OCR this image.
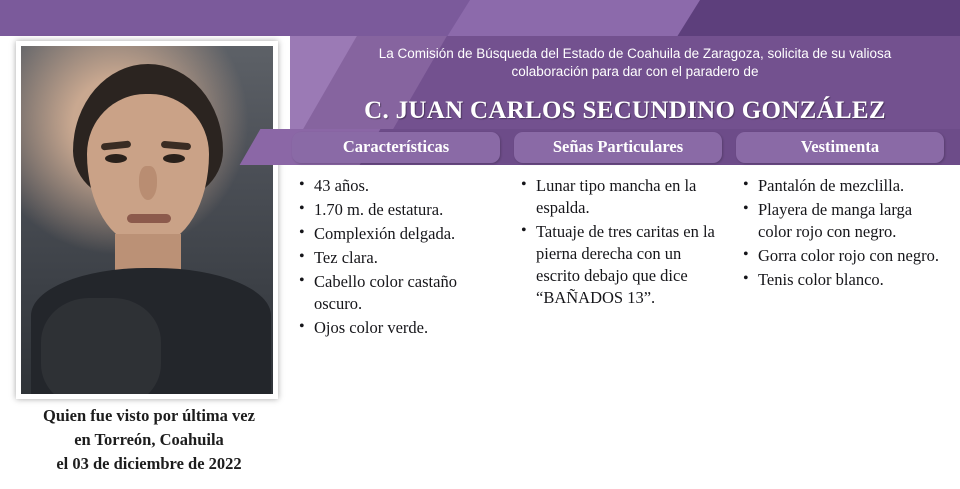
La Comisión de Búsqueda del Estado de Coahuila de Zaragoza, solicita de su valiosa colaboración para dar con el paradero de
C. JUAN CARLOS SECUNDINO GONZÁLEZ
Quien fue visto por última vez
en Torreón, Coahuila
el 03 de diciembre de 2022
Características
• 43 años.
• 1.70 m. de estatura.
• Complexión delgada.
• Tez clara.
• Cabello color castaño oscuro.
• Ojos color verde.
Señas Particulares
• Lunar tipo mancha en la espalda.
• Tatuaje de tres caritas en la pierna derecha con un escrito debajo que dice “BAÑADOS 13”.
Vestimenta
• Pantalón de mezclilla.
• Playera de manga larga color rojo con negro.
• Gorra color rojo con negro.
• Tenis color blanco.
